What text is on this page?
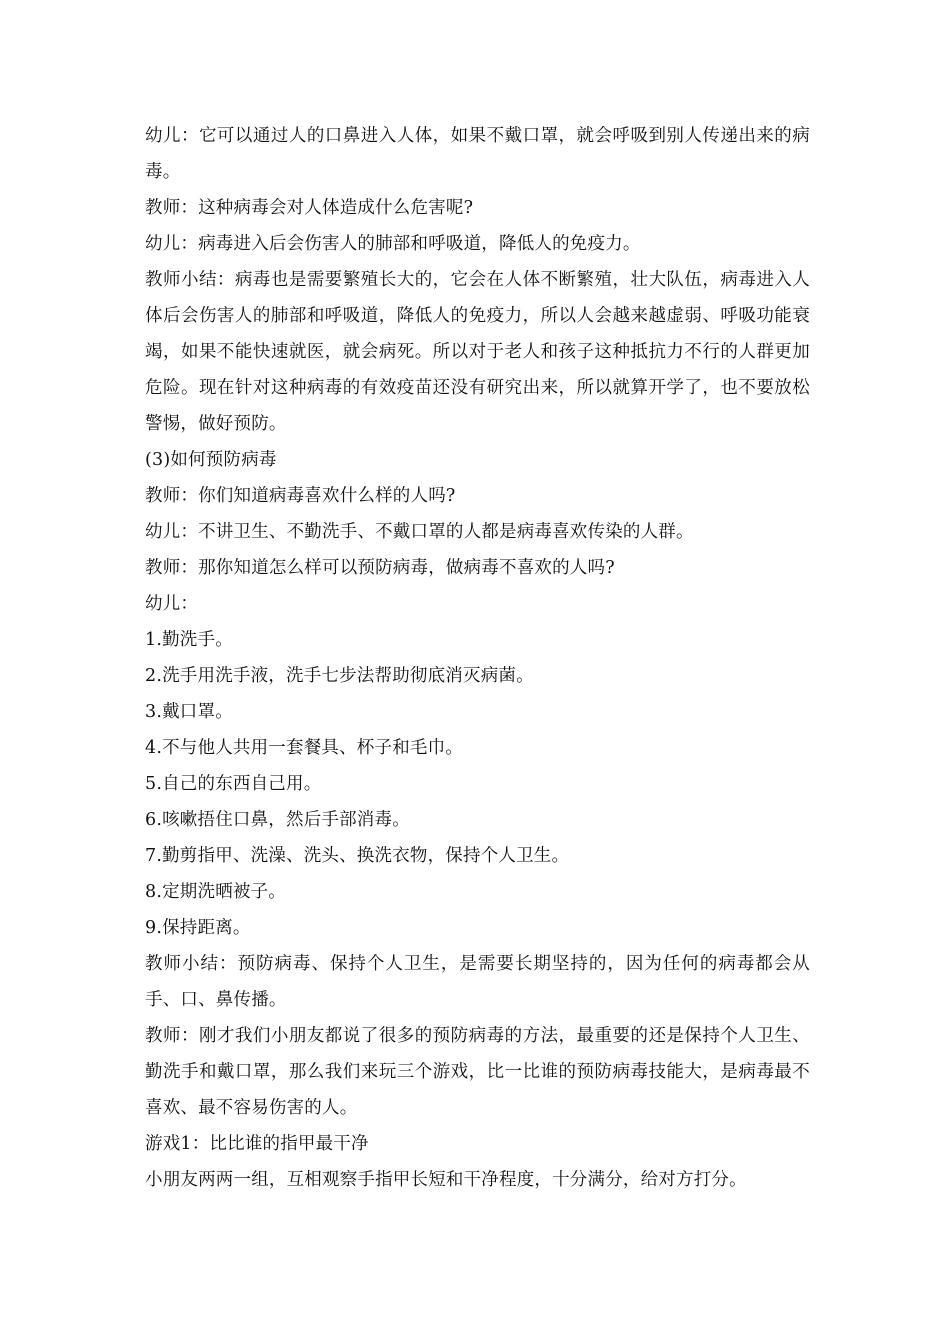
幼儿：它可以通过人的口鼻进入人体，如果不戴口罩，就会呼吸到别人传递出来的病毒。

教师：这种病毒会对人体造成什么危害呢?

幼儿：病毒进入后会伤害人的肺部和呼吸道，降低人的免疫力。

教师小结：病毒也是需要繁殖长大的，它会在人体不断繁殖，壮大队伍，病毒进入人体后会伤害人的肺部和呼吸道，降低人的免疫力，所以人会越来越虚弱、呼吸功能衰竭，如果不能快速就医，就会病死。所以对于老人和孩子这种抵抗力不行的人群更加危险。现在针对这种病毒的有效疫苗还没有研究出来，所以就算开学了，也不要放松警惕，做好预防。

(3)如何预防病毒

教师：你们知道病毒喜欢什么样的人吗?

幼儿：不讲卫生、不勤洗手、不戴口罩的人都是病毒喜欢传染的人群。

教师：那你知道怎么样可以预防病毒，做病毒不喜欢的人吗?

幼儿：

1.勤洗手。

2.洗手用洗手液，洗手七步法帮助彻底消灭病菌。

3.戴口罩。

4.不与他人共用一套餐具、杯子和毛巾。

5.自己的东西自己用。

6.咳嗽捂住口鼻，然后手部消毒。

7.勤剪指甲、洗澡、洗头、换洗衣物，保持个人卫生。

8.定期洗晒被子。

9.保持距离。

教师小结：预防病毒、保持个人卫生，是需要长期坚持的，因为任何的病毒都会从手、口、鼻传播。

教师：刚才我们小朋友都说了很多的预防病毒的方法，最重要的还是保持个人卫生、勤洗手和戴口罩，那么我们来玩三个游戏，比一比谁的预防病毒技能大，是病毒最不喜欢、最不容易伤害的人。

游戏1：比比谁的指甲最干净

小朋友两两一组，互相观察手指甲长短和干净程度，十分满分，给对方打分。
